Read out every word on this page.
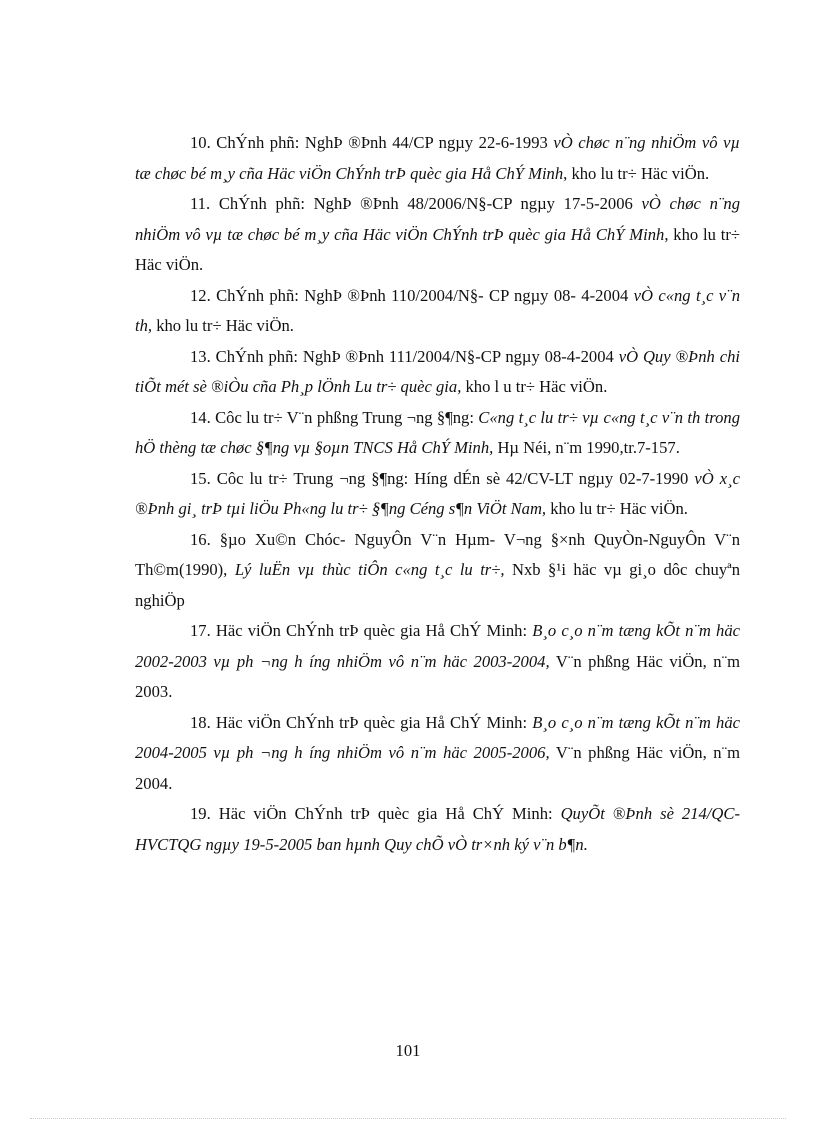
10. ChÝnh phñ: NghÞ ®Þnh 44/CP ngµy 22-6-1993 vÒ chøc n¨ng nhiÖm vô vµ tæ chøc bé m¸y cña Häc viÖn ChÝnh trÞ quèc gia Hå ChÝ Minh, kho lu tr÷ Häc viÖn.

11. ChÝnh phñ: NghÞ ®Þnh 48/2006/N§-CP ngµy 17-5-2006 vÒ chøc n¨ng nhiÖm vô vµ tæ chøc bé m¸y cña Häc viÖn ChÝnh trÞ quèc gia Hå ChÝ Minh, kho lu tr÷ Häc viÖn.

12. ChÝnh phñ: NghÞ ®Þnh 110/2004/N§- CP ngµy 08- 4-2004 vÒ c«ng t¸c v¨n th, kho lu tr÷ Häc viÖn.

13. ChÝnh phñ: NghÞ ®Þnh 111/2004/N§-CP ngµy 08-4-2004 vÒ Quy ®Þnh chi tiÕt mét sè ®iÒu cña Ph¸p lÖnh Lu tr÷ quèc gia, kho l u tr÷ Häc viÖn.

14. Côc lu tr÷ V¨n phßng Trung ¬ng §¶ng: C«ng t¸c lu tr÷ vµ c«ng t¸c v¨n th trong hÖ thèng tæ chøc §¶ng vµ §oµn TNCS Hå ChÝ Minh, Hµ Néi, n¨m 1990,tr.7-157.

15. Côc lu tr÷ Trung ¬ng §¶ng: Híng dÉn sè 42/CV-LT ngµy 02-7-1990 vÒ x¸c ®Þnh gi¸ trÞ tµi liÖu Ph«ng lu tr÷ §¶ng Céng s¶n ViÖt Nam, kho lu tr÷ Häc viÖn.

16. §µo Xu©n Chóc- NguyÔn V¨n Hµm- V¬ng §×nh QuyÒn-NguyÔn V¨n Th©m(1990), Lý luËn vµ thùc tiÔn c«ng t¸c lu tr÷, Nxb §¹i häc vµ gi¸o dôc chuyªn nghiÖp

17. Häc viÖn ChÝnh trÞ quèc gia Hå ChÝ Minh: B¸o c¸o n¨m tæng kÕt n¨m häc 2002-2003 vµ ph ¬ng h íng nhiÖm vô n¨m häc 2003-2004, V¨n phßng Häc viÖn, n¨m 2003.

18. Häc viÖn ChÝnh trÞ quèc gia Hå ChÝ Minh: B¸o c¸o n¨m tæng kÕt n¨m häc 2004-2005 vµ ph ¬ng h íng nhiÖm vô n¨m häc 2005-2006, V¨n phßng Häc viÖn, n¨m 2004.

19. Häc viÖn ChÝnh trÞ quèc gia Hå ChÝ Minh: QuyÕt ®Þnh sè 214/QC-HVCTQG ngµy 19-5-2005 ban hµnh Quy chÕ vÒ tr×nh ký v¨n b¶n.

101
